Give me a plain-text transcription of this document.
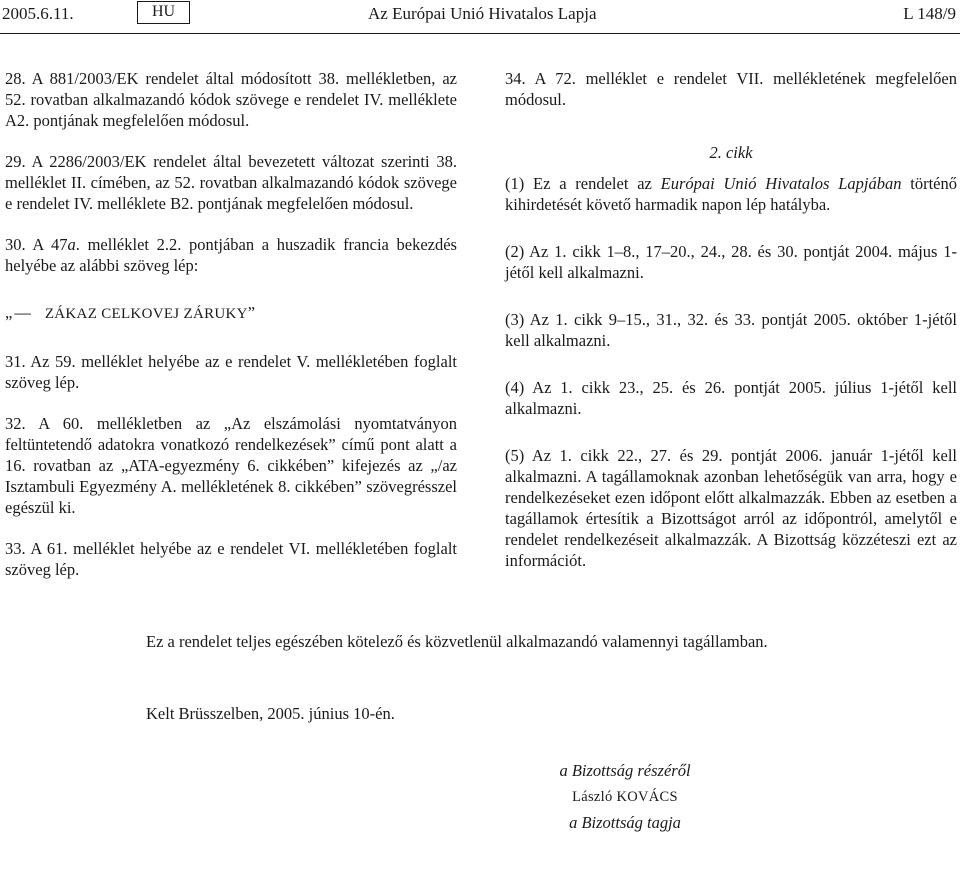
2005.6.11.	HU	Az Európai Unió Hivatalos Lapja	L 148/9

28. A 881/2003/EK rendelet által módosított 38. mellékletben, az 52. rovatban alkalmazandó kódok szövege e rendelet IV. melléklete A2. pontjának megfelelően módosul.

29. A 2286/2003/EK rendelet által bevezetett változat szerinti 38. melléklet II. címében, az 52. rovatban alkalmazandó kódok szövege e rendelet IV. melléklete B2. pontjának megfelelően módosul.

30. A 47a. melléklet 2.2. pontjában a huszadik francia bekezdés helyébe az alábbi szöveg lép:

„ — ZÁKAZ CELKOVEJ ZÁRUKY”

31. Az 59. melléklet helyébe az e rendelet V. mellékletében foglalt szöveg lép.

32. A 60. mellékletben az „Az elszámolási nyomtatványon feltüntetendő adatokra vonatkozó rendelkezések” című pont alatt a 16. rovatban az „ATA-egyezmény 6. cikkében” kifejezés az „/az Isztambuli Egyezmény A. mellékletének 8. cikkében” szövegrésszel egészül ki.

33. A 61. melléklet helyébe az e rendelet VI. mellékletében foglalt szöveg lép.

34. A 72. melléklet e rendelet VII. mellékletének megfelelően módosul.

2. cikk

(1) Ez a rendelet az Európai Unió Hivatalos Lapjában történő kihirdetését követő harmadik napon lép hatályba.

(2) Az 1. cikk 1–8., 17–20., 24., 28. és 30. pontját 2004. május 1-jétől kell alkalmazni.

(3) Az 1. cikk 9–15., 31., 32. és 33. pontját 2005. október 1-jétől kell alkalmazni.

(4) Az 1. cikk 23., 25. és 26. pontját 2005. július 1-jétől kell alkalmazni.

(5) Az 1. cikk 22., 27. és 29. pontját 2006. január 1-jétől kell alkalmazni. A tagállamoknak azonban lehetőségük van arra, hogy e rendelkezéseket ezen időpont előtt alkalmazzák. Ebben az esetben a tagállamok értesítik a Bizottságot arról az időpontról, amelytől e rendelet rendelkezéseit alkalmazzák. A Bizottság közzéteszi ezt az információt.

Ez a rendelet teljes egészében kötelező és közvetlenül alkalmazandó valamennyi tagállamban.
Kelt Brüsszelben, 2005. június 10-én.
a Bizottság részéről
László KOVÁCS
a Bizottság tagja
